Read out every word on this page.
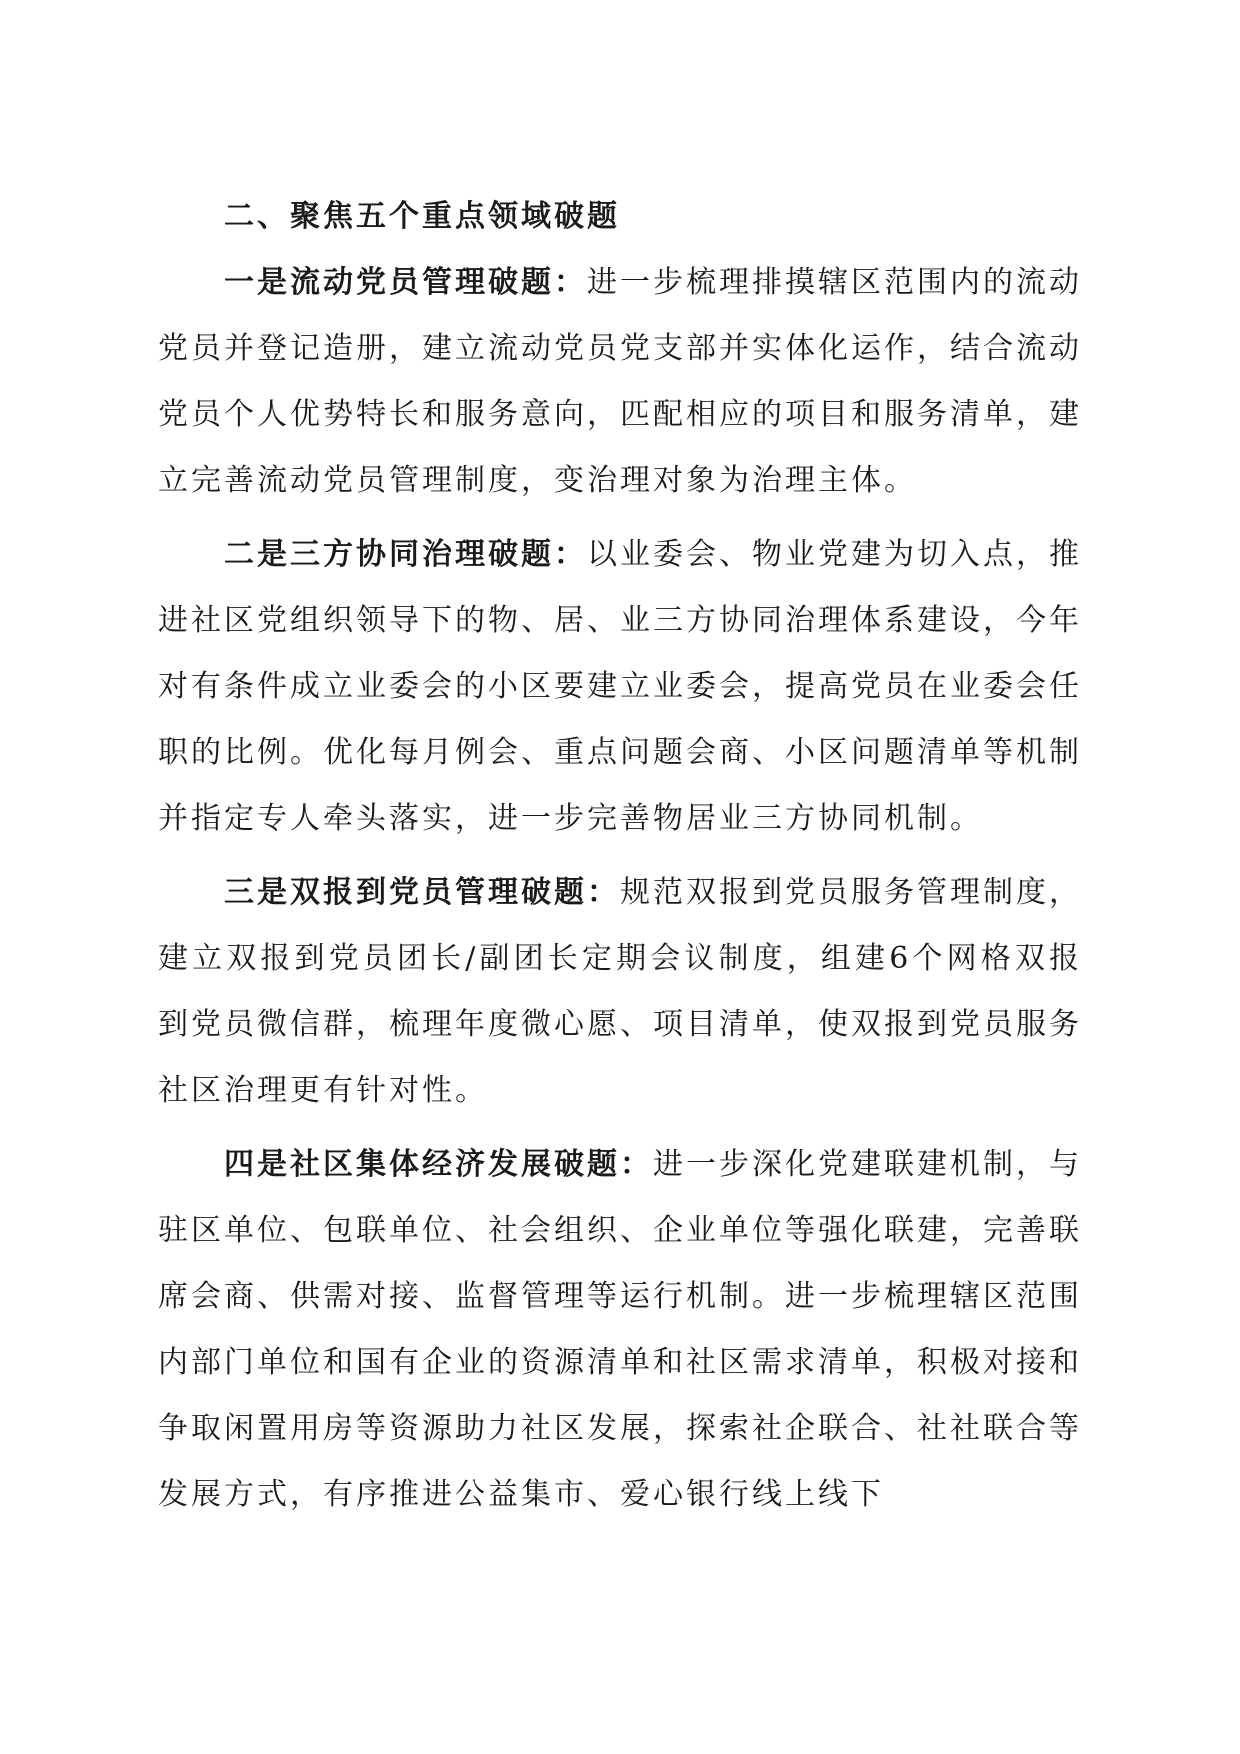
二、聚焦五个重点领域破题

一是流动党员管理破题：进一步梳理排摸辖区范围内的流动党员并登记造册，建立流动党员党支部并实体化运作，结合流动党员个人优势特长和服务意向，匹配相应的项目和服务清单，建立完善流动党员管理制度，变治理对象为治理主体。

二是三方协同治理破题：以业委会、物业党建为切入点，推进社区党组织领导下的物、居、业三方协同治理体系建设，今年对有条件成立业委会的小区要建立业委会，提高党员在业委会任职的比例。优化每月例会、重点问题会商、小区问题清单等机制并指定专人牵头落实，进一步完善物居业三方协同机制。

三是双报到党员管理破题：规范双报到党员服务管理制度，建立双报到党员团长/副团长定期会议制度，组建6个网格双报到党员微信群，梳理年度微心愿、项目清单，使双报到党员服务社区治理更有针对性。

四是社区集体经济发展破题：进一步深化党建联建机制，与驻区单位、包联单位、社会组织、企业单位等强化联建，完善联席会商、供需对接、监督管理等运行机制。进一步梳理辖区范围内部门单位和国有企业的资源清单和社区需求清单，积极对接和争取闲置用房等资源助力社区发展，探索社企联合、社社联合等发展方式，有序推进公益集市、爱心银行线上线下
